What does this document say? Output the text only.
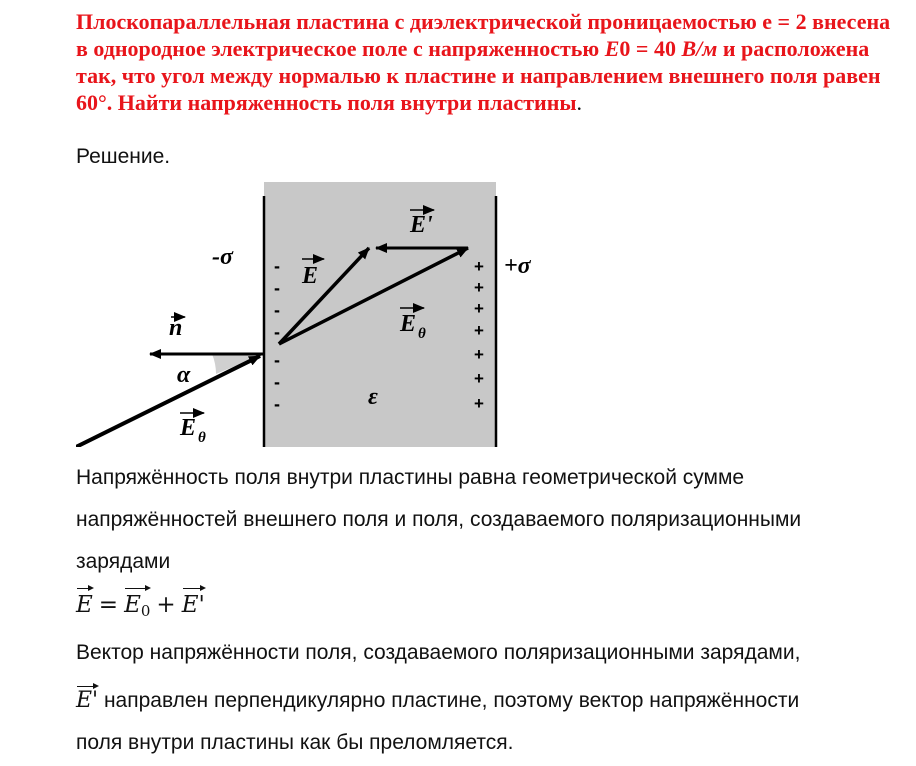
Плоскопараллельная пластина с диэлектрической проницаемостью е = 2 внесена в однородное электрическое поле с напряженностью E0 = 40 В/м и расположена так, что угол между нормалью к пластине и направлением внешнего поля равен 60°. Найти напряженность поля внутри пластины.

Решение.

-
-
-
-
-
-
-
+
+
+
+
+
+
+
-σ	+σ
n
α
E θ
E
E'
E θ
ε

Напряжённость поля внутри пластины равна геометрической сумме

напряжённостей внешнего поля и поля, создаваемого поляризационными

зарядами

$E = E_0 + E'$

Вектор напряжённости поля, создаваемого поляризационными зарядами,

E' направлен перпендикулярно пластине, поэтому вектор напряжённости

поля внутри пластины как бы преломляется.
